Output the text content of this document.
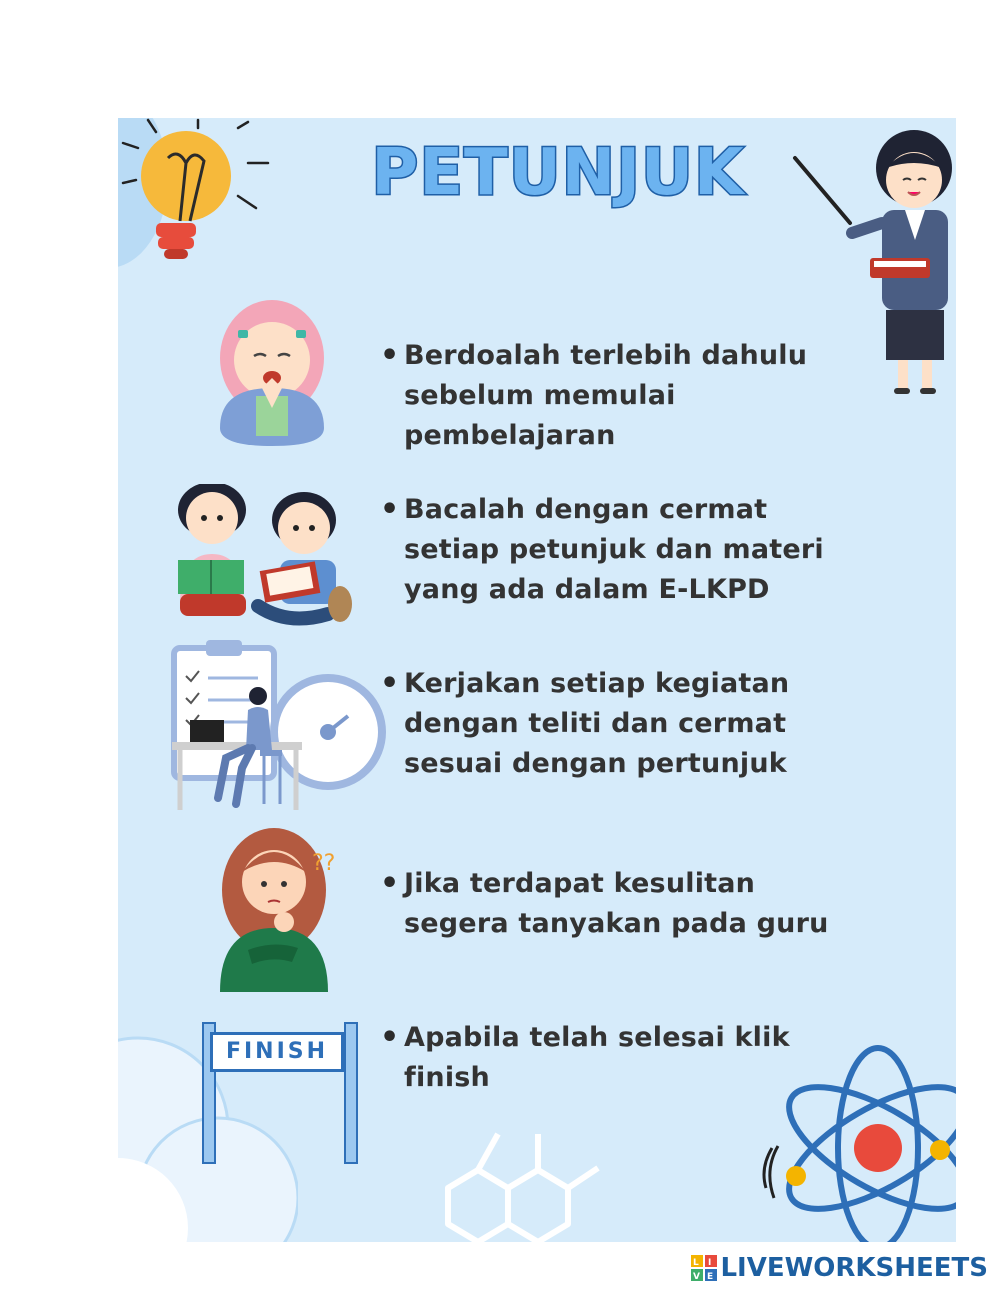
PETUNJUK
• Berdoalah terlebih dahulu sebelum memulai pembelajaran
• Bacalah dengan cermat setiap petunjuk dan materi yang ada dalam E-LKPD
• Kerjakan setiap kegiatan dengan teliti dan cermat sesuai dengan pertunjuk
??
• Jika terdapat kesulitan segera tanyakan pada guru
FINISH	• Apabila telah selesai klik finish
L I
V E LIVEWORKSHEETS
